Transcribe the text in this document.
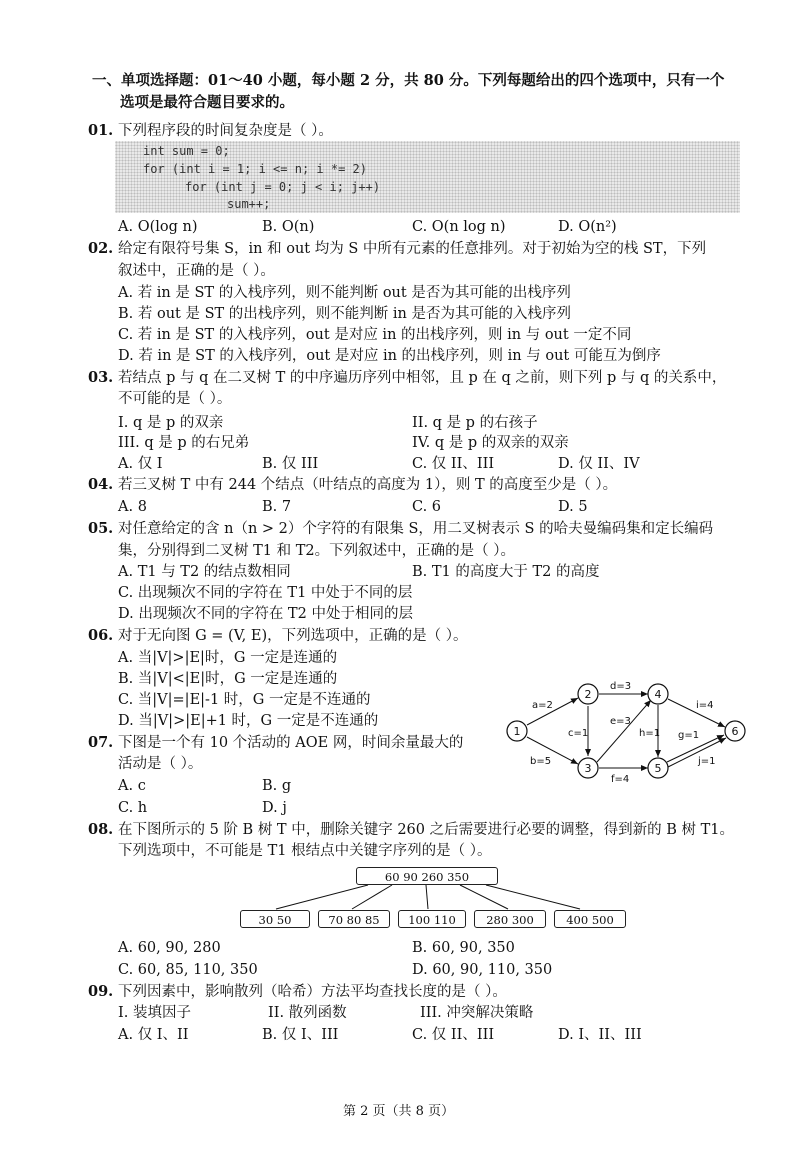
一、单项选择题：01～40 小题，每小题 2 分，共 80 分。下列每题给出的四个选项中，只有一个
选项是最符合题目要求的。
01. 下列程序段的时间复杂度是（ ）。
int sum = 0;
for (int i = 1; i <= n; i *= 2)
for (int j = 0; j < i; j++)
sum++;
A. O(log n)	B. O(n)	C. O(n log n)	D. O(n²)
02. 给定有限符号集 S，in 和 out 均为 S 中所有元素的任意排列。对于初始为空的栈 ST，下列
叙述中，正确的是（ ）。
A. 若 in 是 ST 的入栈序列，则不能判断 out 是否为其可能的出栈序列
B. 若 out 是 ST 的出栈序列，则不能判断 in 是否为其可能的入栈序列
C. 若 in 是 ST 的入栈序列，out 是对应 in 的出栈序列，则 in 与 out 一定不同
D. 若 in 是 ST 的入栈序列，out 是对应 in 的出栈序列，则 in 与 out 可能互为倒序
03. 若结点 p 与 q 在二叉树 T 的中序遍历序列中相邻，且 p 在 q 之前，则下列 p 与 q 的关系中，
不可能的是（ ）。
I. q 是 p 的双亲	II. q 是 p 的右孩子
III. q 是 p 的右兄弟	IV. q 是 p 的双亲的双亲
A. 仅 I	B. 仅 III	C. 仅 II、III	D. 仅 II、IV
04. 若三叉树 T 中有 244 个结点（叶结点的高度为 1），则 T 的高度至少是（ ）。
A. 8	B. 7	C. 6	D. 5
05. 对任意给定的含 n（n > 2）个字符的有限集 S，用二叉树表示 S 的哈夫曼编码集和定长编码
集，分别得到二叉树 T1 和 T2。下列叙述中，正确的是（ ）。
A. T1 与 T2 的结点数相同	B. T1 的高度大于 T2 的高度
C. 出现频次不同的字符在 T1 中处于不同的层
D. 出现频次不同的字符在 T2 中处于相同的层
06. 对于无向图 G = (V, E)，下列选项中，正确的是（ ）。
A. 当|V|>|E|时，G 一定是连通的
B. 当|V|<|E|时，G 一定是连通的
C. 当|V|=|E|-1 时，G 一定是不连通的
D. 当|V|>|E|+1 时，G 一定是不连通的
07. 下图是一个有 10 个活动的 AOE 网，时间余量最大的
活动是（ ）。
A. c	B. g
C. h	D. j
a=2
b=5
c=1
d=3
e=3
f=4
h=1
i=4
g=1
j=1
1
2
3
4
5
6
08. 在下图所示的 5 阶 B 树 T 中，删除关键字 260 之后需要进行必要的调整，得到新的 B 树 T1。
下列选项中，不可能是 T1 根结点中关键字序列的是（ ）。
60 90 260 350
30 50	70 80 85	100 110	280 300	400 500
A. 60, 90, 280	B. 60, 90, 350
C. 60, 85, 110, 350	D. 60, 90, 110, 350
09. 下列因素中，影响散列（哈希）方法平均查找长度的是（ ）。
I. 装填因子	II. 散列函数	III. 冲突解决策略
A. 仅 I、II	B. 仅 I、III	C. 仅 II、III	D. I、II、III
第 2 页（共 8 页）
